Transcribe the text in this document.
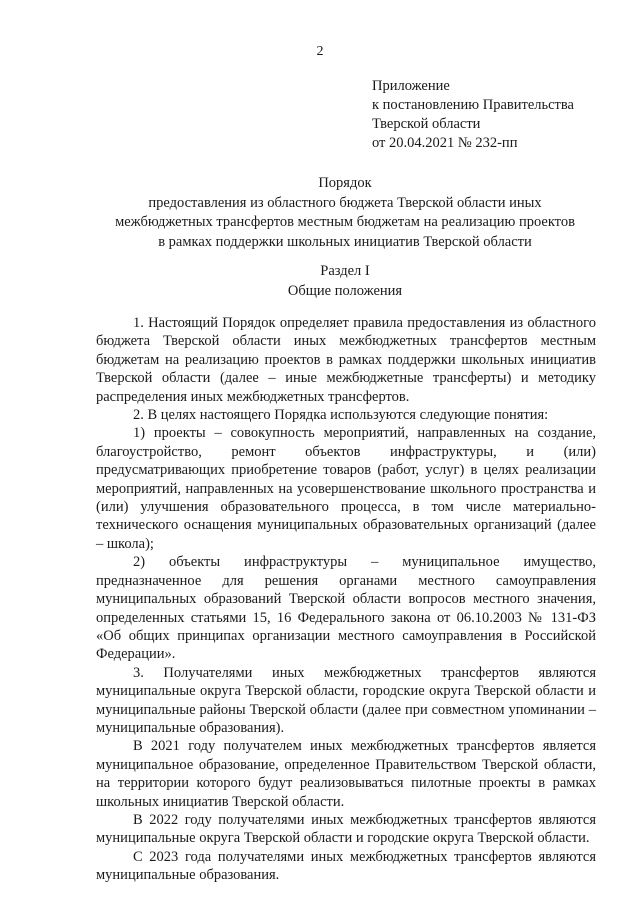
2
Приложение
к постановлению Правительства
Тверской области
от 20.04.2021 № 232-пп
Порядок
предоставления из областного бюджета Тверской области иных
межбюджетных трансфертов местным бюджетам на реализацию проектов
в рамках поддержки школьных инициатив Тверской области
Раздел I
Общие положения

1. Настоящий Порядок определяет правила предоставления из областного бюджета Тверской области иных межбюджетных трансфертов местным бюджетам на реализацию проектов в рамках поддержки школьных инициатив Тверской области (далее – иные межбюджетные трансферты) и методику распределения иных межбюджетных трансфертов.

2. В целях настоящего Порядка используются следующие понятия:

1) проекты – совокупность мероприятий, направленных на создание, благоустройство, ремонт объектов инфраструктуры, и (или) предусматривающих приобретение товаров (работ, услуг) в целях реализации мероприятий, направленных на усовершенствование школьного пространства и (или) улучшения образовательного процесса, в том числе материально-технического оснащения муниципальных образовательных организаций (далее – школа);

2) объекты инфраструктуры – муниципальное имущество, предназначенное для решения органами местного самоуправления муниципальных образований Тверской области вопросов местного значения, определенных статьями 15, 16 Федерального закона от 06.10.2003 № 131-ФЗ «Об общих принципах организации местного самоуправления в Российской Федерации».

3. Получателями иных межбюджетных трансфертов являются муниципальные округа Тверской области, городские округа Тверской области и муниципальные районы Тверской области (далее при совместном упоминании – муниципальные образования).

В 2021 году получателем иных межбюджетных трансфертов является муниципальное образование, определенное Правительством Тверской области, на территории которого будут реализовываться пилотные проекты в рамках школьных инициатив Тверской области.

В 2022 году получателями иных межбюджетных трансфертов являются муниципальные округа Тверской области и городские округа Тверской области.

С 2023 года получателями иных межбюджетных трансфертов являются муниципальные образования.
